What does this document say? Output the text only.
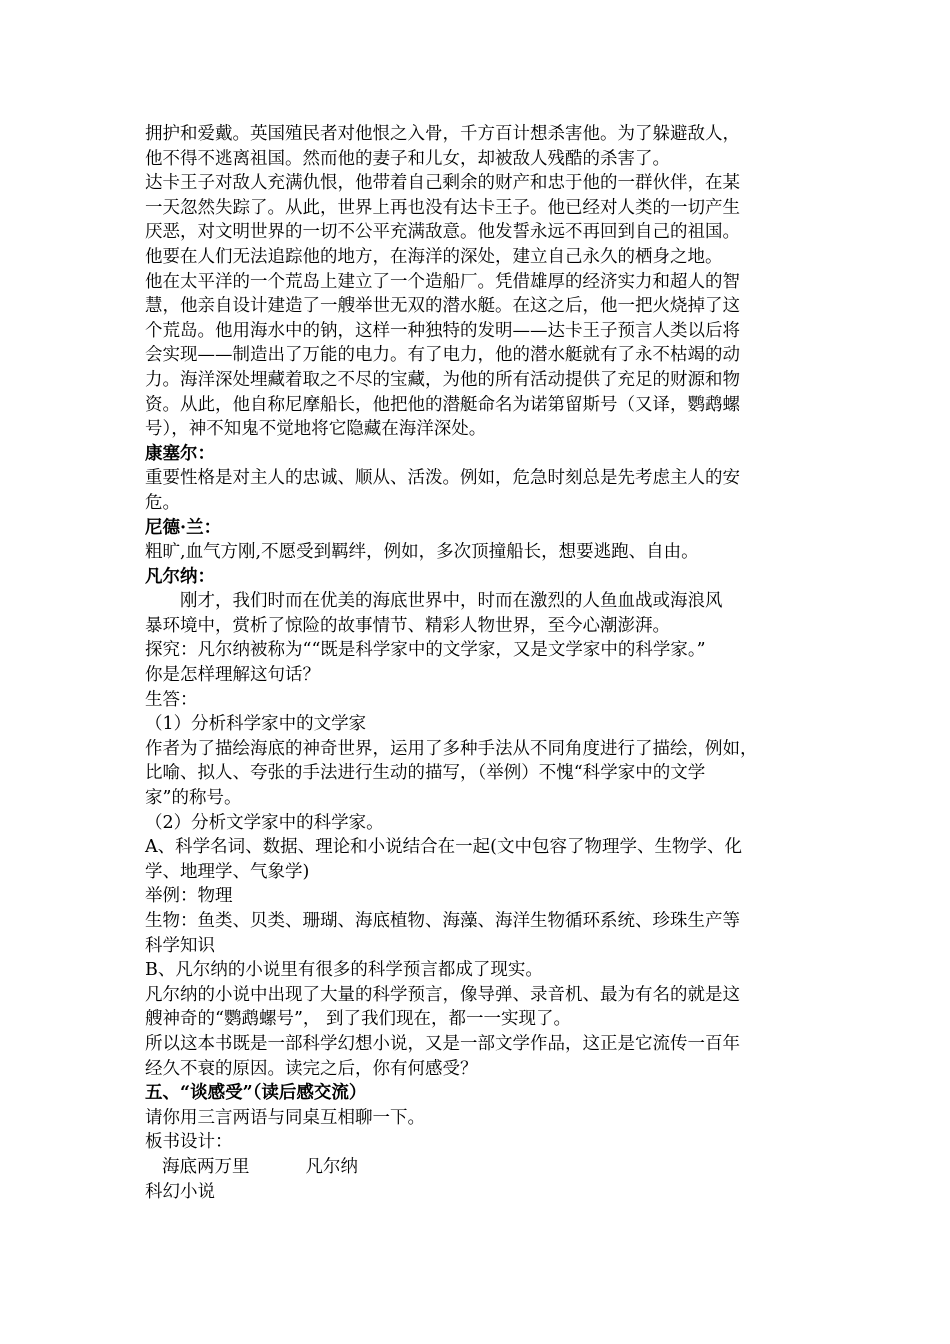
拥护和爱戴。英国殖民者对他恨之入骨，千方百计想杀害他。为了躲避敌人，
他不得不逃离祖国。然而他的妻子和儿女，却被敌人残酷的杀害了。
达卡王子对敌人充满仇恨，他带着自己剩余的财产和忠于他的一群伙伴，在某
一天忽然失踪了。从此，世界上再也没有达卡王子。他已经对人类的一切产生
厌恶，对文明世界的一切不公平充满敌意。他发誓永远不再回到自己的祖国。
他要在人们无法追踪他的地方，在海洋的深处，建立自己永久的栖身之地。
他在太平洋的一个荒岛上建立了一个造船厂。凭借雄厚的经济实力和超人的智
慧，他亲自设计建造了一艘举世无双的潜水艇。在这之后，他一把火烧掉了这
个荒岛。他用海水中的钠，这样一种独特的发明——达卡王子预言人类以后将
会实现——制造出了万能的电力。有了电力，他的潜水艇就有了永不枯竭的动
力。海洋深处埋藏着取之不尽的宝藏，为他的所有活动提供了充足的财源和物
资。从此，他自称尼摩船长，他把他的潜艇命名为诺第留斯号（又译，鹦鹉螺
号），神不知鬼不觉地将它隐藏在海洋深处。
康塞尔：
重要性格是对主人的忠诚、顺从、活泼。例如，危急时刻总是先考虑主人的安
危。
尼德·兰：
粗旷,血气方刚,不愿受到羁绊，例如，多次顶撞船长，想要逃跑、自由。
凡尔纳：
刚才，我们时而在优美的海底世界中，时而在激烈的人鱼血战或海浪风
暴环境中，赏析了惊险的故事情节、精彩人物世界，至今心潮澎湃。
探究：凡尔纳被称为““既是科学家中的文学家，又是文学家中的科学家。”
你是怎样理解这句话？
生答：
（1）分析科学家中的文学家
作者为了描绘海底的神奇世界，运用了多种手法从不同角度进行了描绘，例如，
比喻、拟人、夸张的手法进行生动的描写，（举例）不愧“科学家中的文学
家”的称号。
（2）分析文学家中的科学家。
A、科学名词、数据、理论和小说结合在一起(文中包容了物理学、生物学、化
学、地理学、气象学)
举例：物理
生物：鱼类、贝类、珊瑚、海底植物、海藻、海洋生物循环系统、珍珠生产等
科学知识
B、凡尔纳的小说里有很多的科学预言都成了现实。
凡尔纳的小说中出现了大量的科学预言，像导弹、录音机、最为有名的就是这
艘神奇的“鹦鹉螺号”， 到了我们现在，都一一实现了。
所以这本书既是一部科学幻想小说，又是一部文学作品，这正是它流传一百年
经久不衰的原因。读完之后，你有何感受？
五、“谈感受”（读后感交流）
请你用三言两语与同桌互相聊一下。
板书设计：
海底两万里	凡尔纳
科幻小说
